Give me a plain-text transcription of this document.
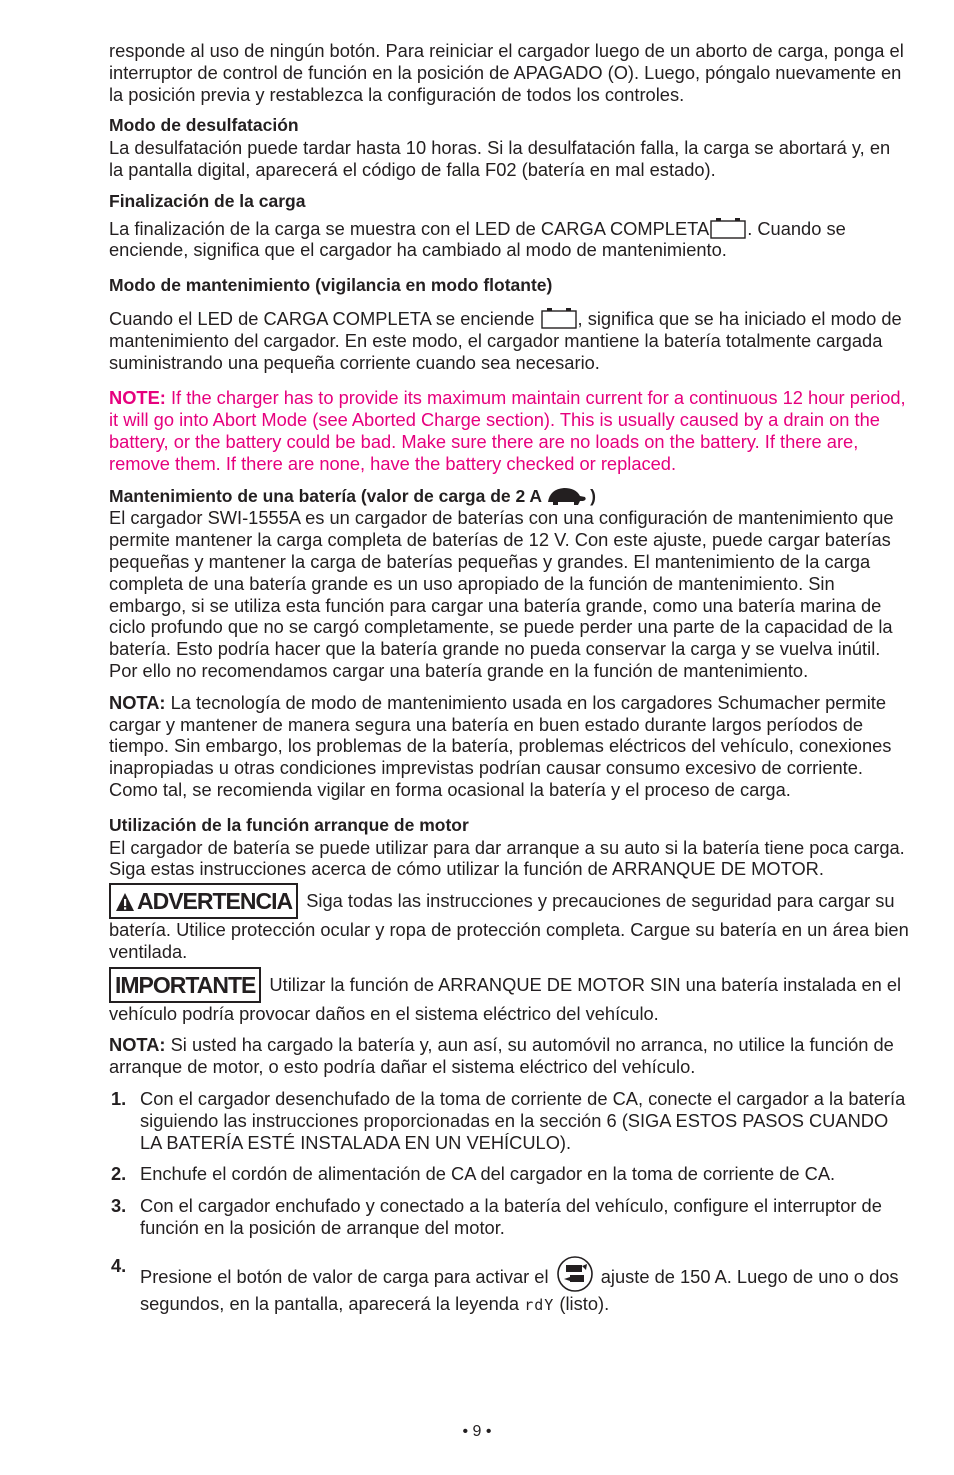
responde al uso de ningún botón. Para reiniciar el cargador luego de un aborto de carga, ponga el interruptor de control de función en la posición de APAGADO (O). Luego, póngalo nuevamente en la posición previa y restablezca la configuración de todos los controles.

Modo de desulfatación

La desulfatación puede tardar hasta 10 horas. Si la desulfatación falla, la carga se abortará y, en la pantalla digital, aparecerá el código de falla F02 (batería en mal estado).

Finalización de la carga

La finalización de la carga se muestra con el LED de CARGA COMPLETA . Cuando se enciende, significa que el cargador ha cambiado al modo de mantenimiento.

Modo de mantenimiento (vigilancia en modo flotante)

Cuando el LED de CARGA COMPLETA se enciende , significa que se ha iniciado el modo de mantenimiento del cargador. En este modo, el cargador mantiene la batería totalmente cargada suministrando una pequeña corriente cuando sea necesario.

NOTE: If the charger has to provide its maximum maintain current for a continuous 12 hour period, it will go into Abort Mode (see Aborted Charge section). This is usually caused by a drain on the battery, or the battery could be bad. Make sure there are no loads on the battery. If there are, remove them. If there are none, have the battery checked or replaced.

Mantenimiento de una batería (valor de carga de 2 A	)

El cargador SWI-1555A es un cargador de baterías con una configuración de mantenimiento que permite mantener la carga completa de baterías de 12 V. Con este ajuste, puede cargar baterías pequeñas y mantener la carga de baterías pequeñas y grandes. El mantenimiento de la carga completa de una batería grande es un uso apropiado de la función de mantenimiento. Sin embargo, si se utiliza esta función para cargar una batería grande, como una batería marina de ciclo profundo que no se cargó completamente, se puede perder una parte de la capacidad de la batería. Esto podría hacer que la batería grande no pueda conservar la carga y se vuelva inútil. Por ello no recomendamos cargar una batería grande en la función de mantenimiento.

NOTA: La tecnología de modo de mantenimiento usada en los cargadores Schumacher permite cargar y mantener de manera segura una batería en buen estado durante largos períodos de tiempo. Sin embargo, los problemas de la batería, problemas eléctricos del vehículo, conexiones inapropiadas u otras condiciones imprevistas podrían causar consumo excesivo de corriente. Como tal, se recomienda vigilar en forma ocasional la batería y el proceso de carga.

Utilización de la función arranque de motor

El cargador de batería se puede utilizar para dar arranque a su auto si la batería tiene poca carga. Siga estas instrucciones acerca de cómo utilizar la función de ARRANQUE DE MOTOR.

ADVERTENCIA Siga todas las instrucciones y precauciones de seguridad para cargar su batería. Utilice protección ocular y ropa de protección completa. Cargue su batería en un área bien ventilada.

IMPORTANTE Utilizar la función de ARRANQUE DE MOTOR SIN una batería instalada en el vehículo podría provocar daños en el sistema eléctrico del vehículo.

NOTA: Si usted ha cargado la batería y, aun así, su automóvil no arranca, no utilice la función de arranque de motor, o esto podría dañar el sistema eléctrico del vehículo.

1. Con el cargador desenchufado de la toma de corriente de CA, conecte el cargador a la batería siguiendo las instrucciones proporcionadas en la sección 6 (SIGA ESTOS PASOS CUANDO LA BATERÍA ESTÉ INSTALADA EN UN VEHÍCULO).
2. Enchufe el cordón de alimentación de CA del cargador en la toma de corriente de CA.
3. Con el cargador enchufado y conectado a la batería del vehículo, configure el interruptor de función en la posición de arranque del motor.
4.
Presione el botón de valor de carga para activar el	ajuste de 150 A. Luego de uno o dos segundos, en la pantalla, aparecerá la leyenda rdY (listo).
• 9 •
